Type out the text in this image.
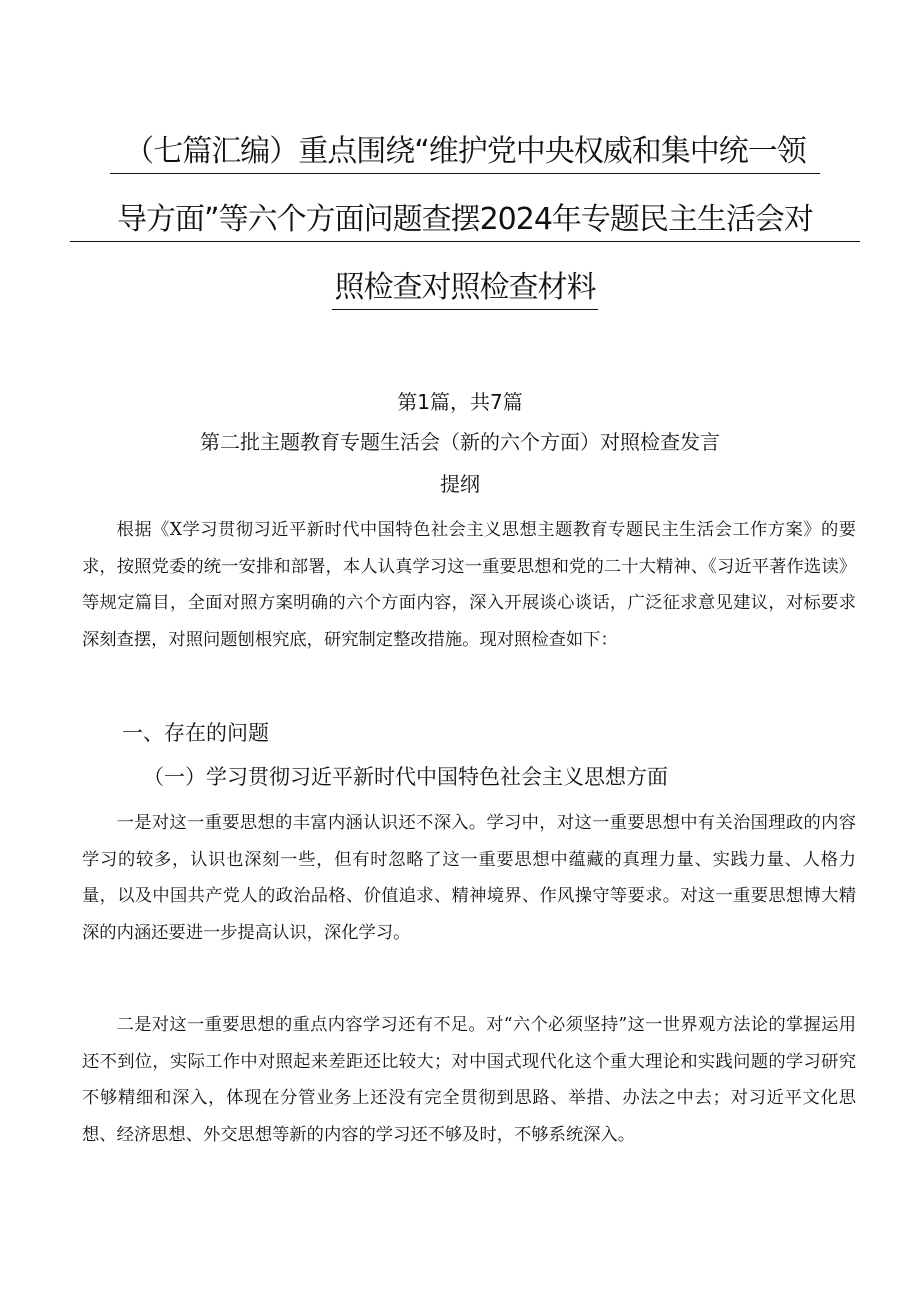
（七篇汇编）重点围绕“维护党中央权威和集中统一领
导方面”等六个方面问题查摆2024年专题民主生活会对
照检查对照检查材料
第1篇，共7篇
第二批主题教育专题生活会（新的六个方面）对照检查发言
提纲

根据《X学习贯彻习近平新时代中国特色社会主义思想主题教育专题民主生活会工作方案》的要求，按照党委的统一安排和部署，本人认真学习这一重要思想和党的二十大精神、《习近平著作选读》等规定篇目，全面对照方案明确的六个方面内容，深入开展谈心谈话，广泛征求意见建议，对标要求深刻查摆，对照问题刨根究底，研究制定整改措施。现对照检查如下：

一、存在的问题
（一）学习贯彻习近平新时代中国特色社会主义思想方面

一是对这一重要思想的丰富内涵认识还不深入。学习中，对这一重要思想中有关治国理政的内容学习的较多，认识也深刻一些，但有时忽略了这一重要思想中蕴藏的真理力量、实践力量、人格力量，以及中国共产党人的政治品格、价值追求、精神境界、作风操守等要求。对这一重要思想博大精深的内涵还要进一步提高认识，深化学习。

二是对这一重要思想的重点内容学习还有不足。对“六个必须坚持”这一世界观方法论的掌握运用还不到位，实际工作中对照起来差距还比较大；对中国式现代化这个重大理论和实践问题的学习研究不够精细和深入，体现在分管业务上还没有完全贯彻到思路、举措、办法之中去；对习近平文化思想、经济思想、外交思想等新的内容的学习还不够及时，不够系统深入。
